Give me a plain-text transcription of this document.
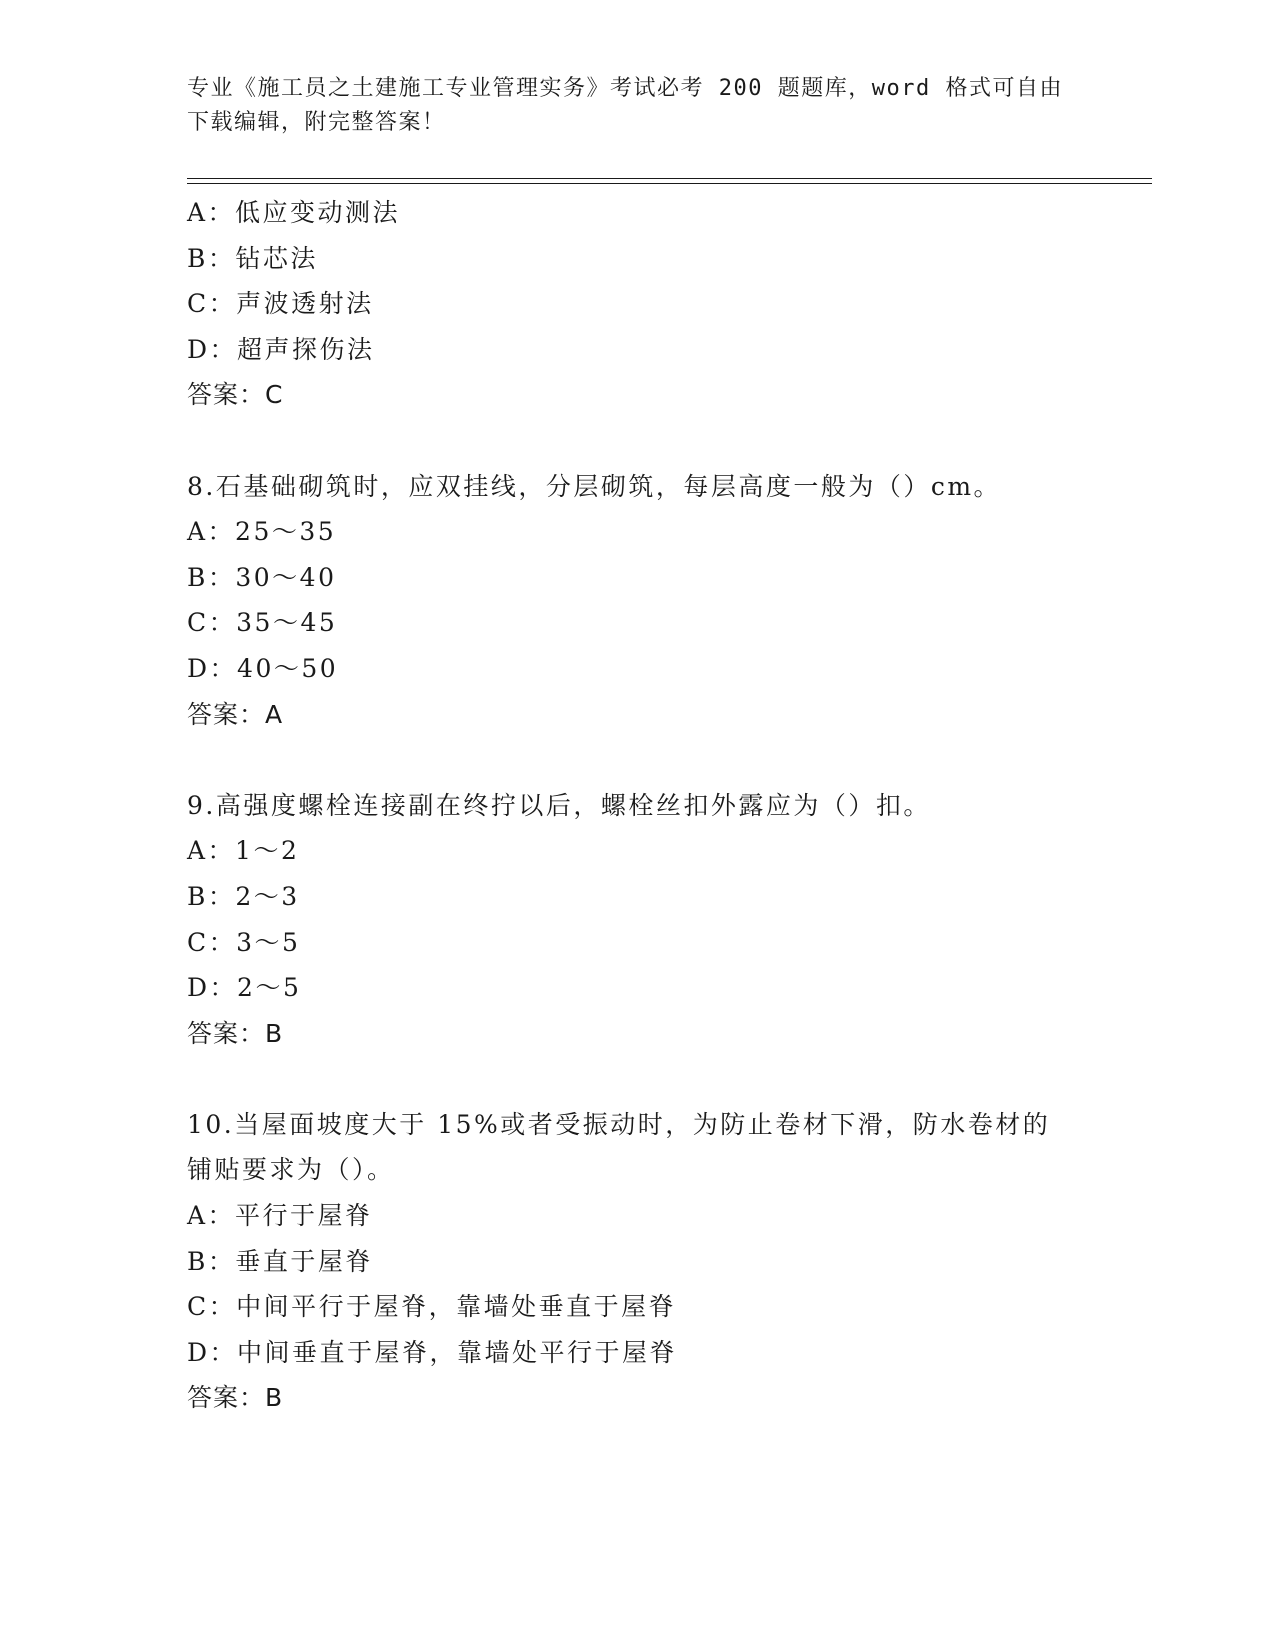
专业《施工员之土建施工专业管理实务》考试必考 200 题题库，word 格式可自由
下载编辑，附完整答案！
A：低应变动测法
B：钻芯法
C：声波透射法
D：超声探伤法
答案：C
8.石基础砌筑时，应双挂线，分层砌筑，每层高度一般为（）cm。
A：25～35
B：30～40
C：35～45
D：40～50
答案：A
9.高强度螺栓连接副在终拧以后，螺栓丝扣外露应为（）扣。
A：1～2
B：2～3
C：3～5
D：2～5
答案：B
10.当屋面坡度大于 15%或者受振动时，为防止卷材下滑，防水卷材的
铺贴要求为（）。
A：平行于屋脊
B：垂直于屋脊
C：中间平行于屋脊，靠墙处垂直于屋脊
D：中间垂直于屋脊，靠墙处平行于屋脊
答案：B
